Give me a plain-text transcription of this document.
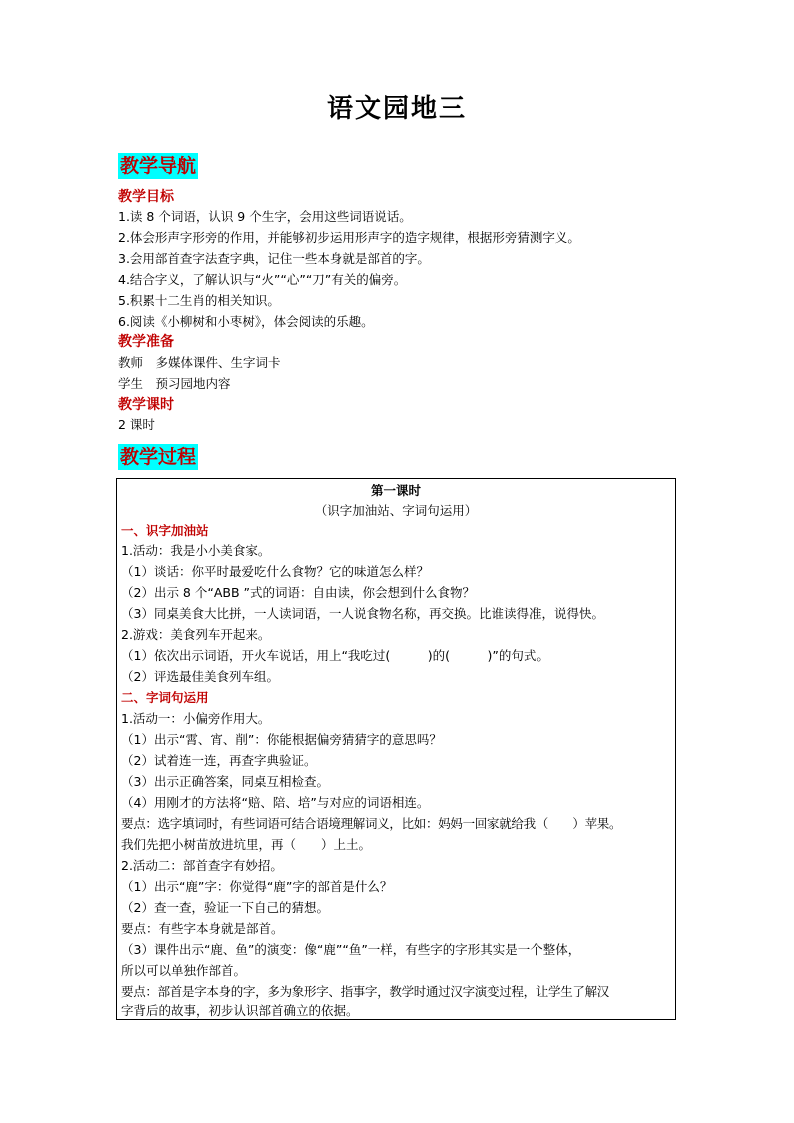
语文园地三
教学导航
教学目标
1.读 8 个词语，认识 9 个生字，会用这些词语说话。
2.体会形声字形旁的作用，并能够初步运用形声字的造字规律，根据形旁猜测字义。
3.会用部首查字法查字典，记住一些本身就是部首的字。
4.结合字义，了解认识与“火”“心”“刀”有关的偏旁。
5.积累十二生肖的相关知识。
6.阅读《小柳树和小枣树》，体会阅读的乐趣。
教学准备
教师　多媒体课件、生字词卡
学生　预习园地内容
教学课时
2 课时
教学过程
第一课时
（识字加油站、字词句运用）
一、识字加油站
1.活动：我是小小美食家。
（1）谈话：你平时最爱吃什么食物？它的味道怎么样？
（2）出示 8 个“ABB ”式的词语：自由读，你会想到什么食物？
（3）同桌美食大比拼，一人读词语，一人说食物名称，再交换。比谁读得准，说得快。
2.游戏：美食列车开起来。
（1）依次出示词语，开火车说话，用上“我吃过(　　　)的(　　　)”的句式。
（2）评选最佳美食列车组。
二、字词句运用
1.活动一：小偏旁作用大。
（1）出示“霄、宵、削”：你能根据偏旁猜猜字的意思吗？
（2）试着连一连，再查字典验证。
（3）出示正确答案，同桌互相检查。
（4）用刚才的方法将“赔、陪、培”与对应的词语相连。
要点：选字填词时，有些词语可结合语境理解词义，比如：妈妈一回家就给我（　　）苹果。
我们先把小树苗放进坑里，再（　　）上土。
2.活动二：部首查字有妙招。
（1）出示“鹿”字：你觉得“鹿”字的部首是什么？
（2）查一查，验证一下自己的猜想。
要点：有些字本身就是部首。
（3）课件出示“鹿、鱼”的演变：像“鹿”“鱼”一样，有些字的字形其实是一个整体，
所以可以单独作部首。
要点：部首是字本身的字，多为象形字、指事字，教学时通过汉字演变过程，让学生了解汉
字背后的故事，初步认识部首确立的依据。
